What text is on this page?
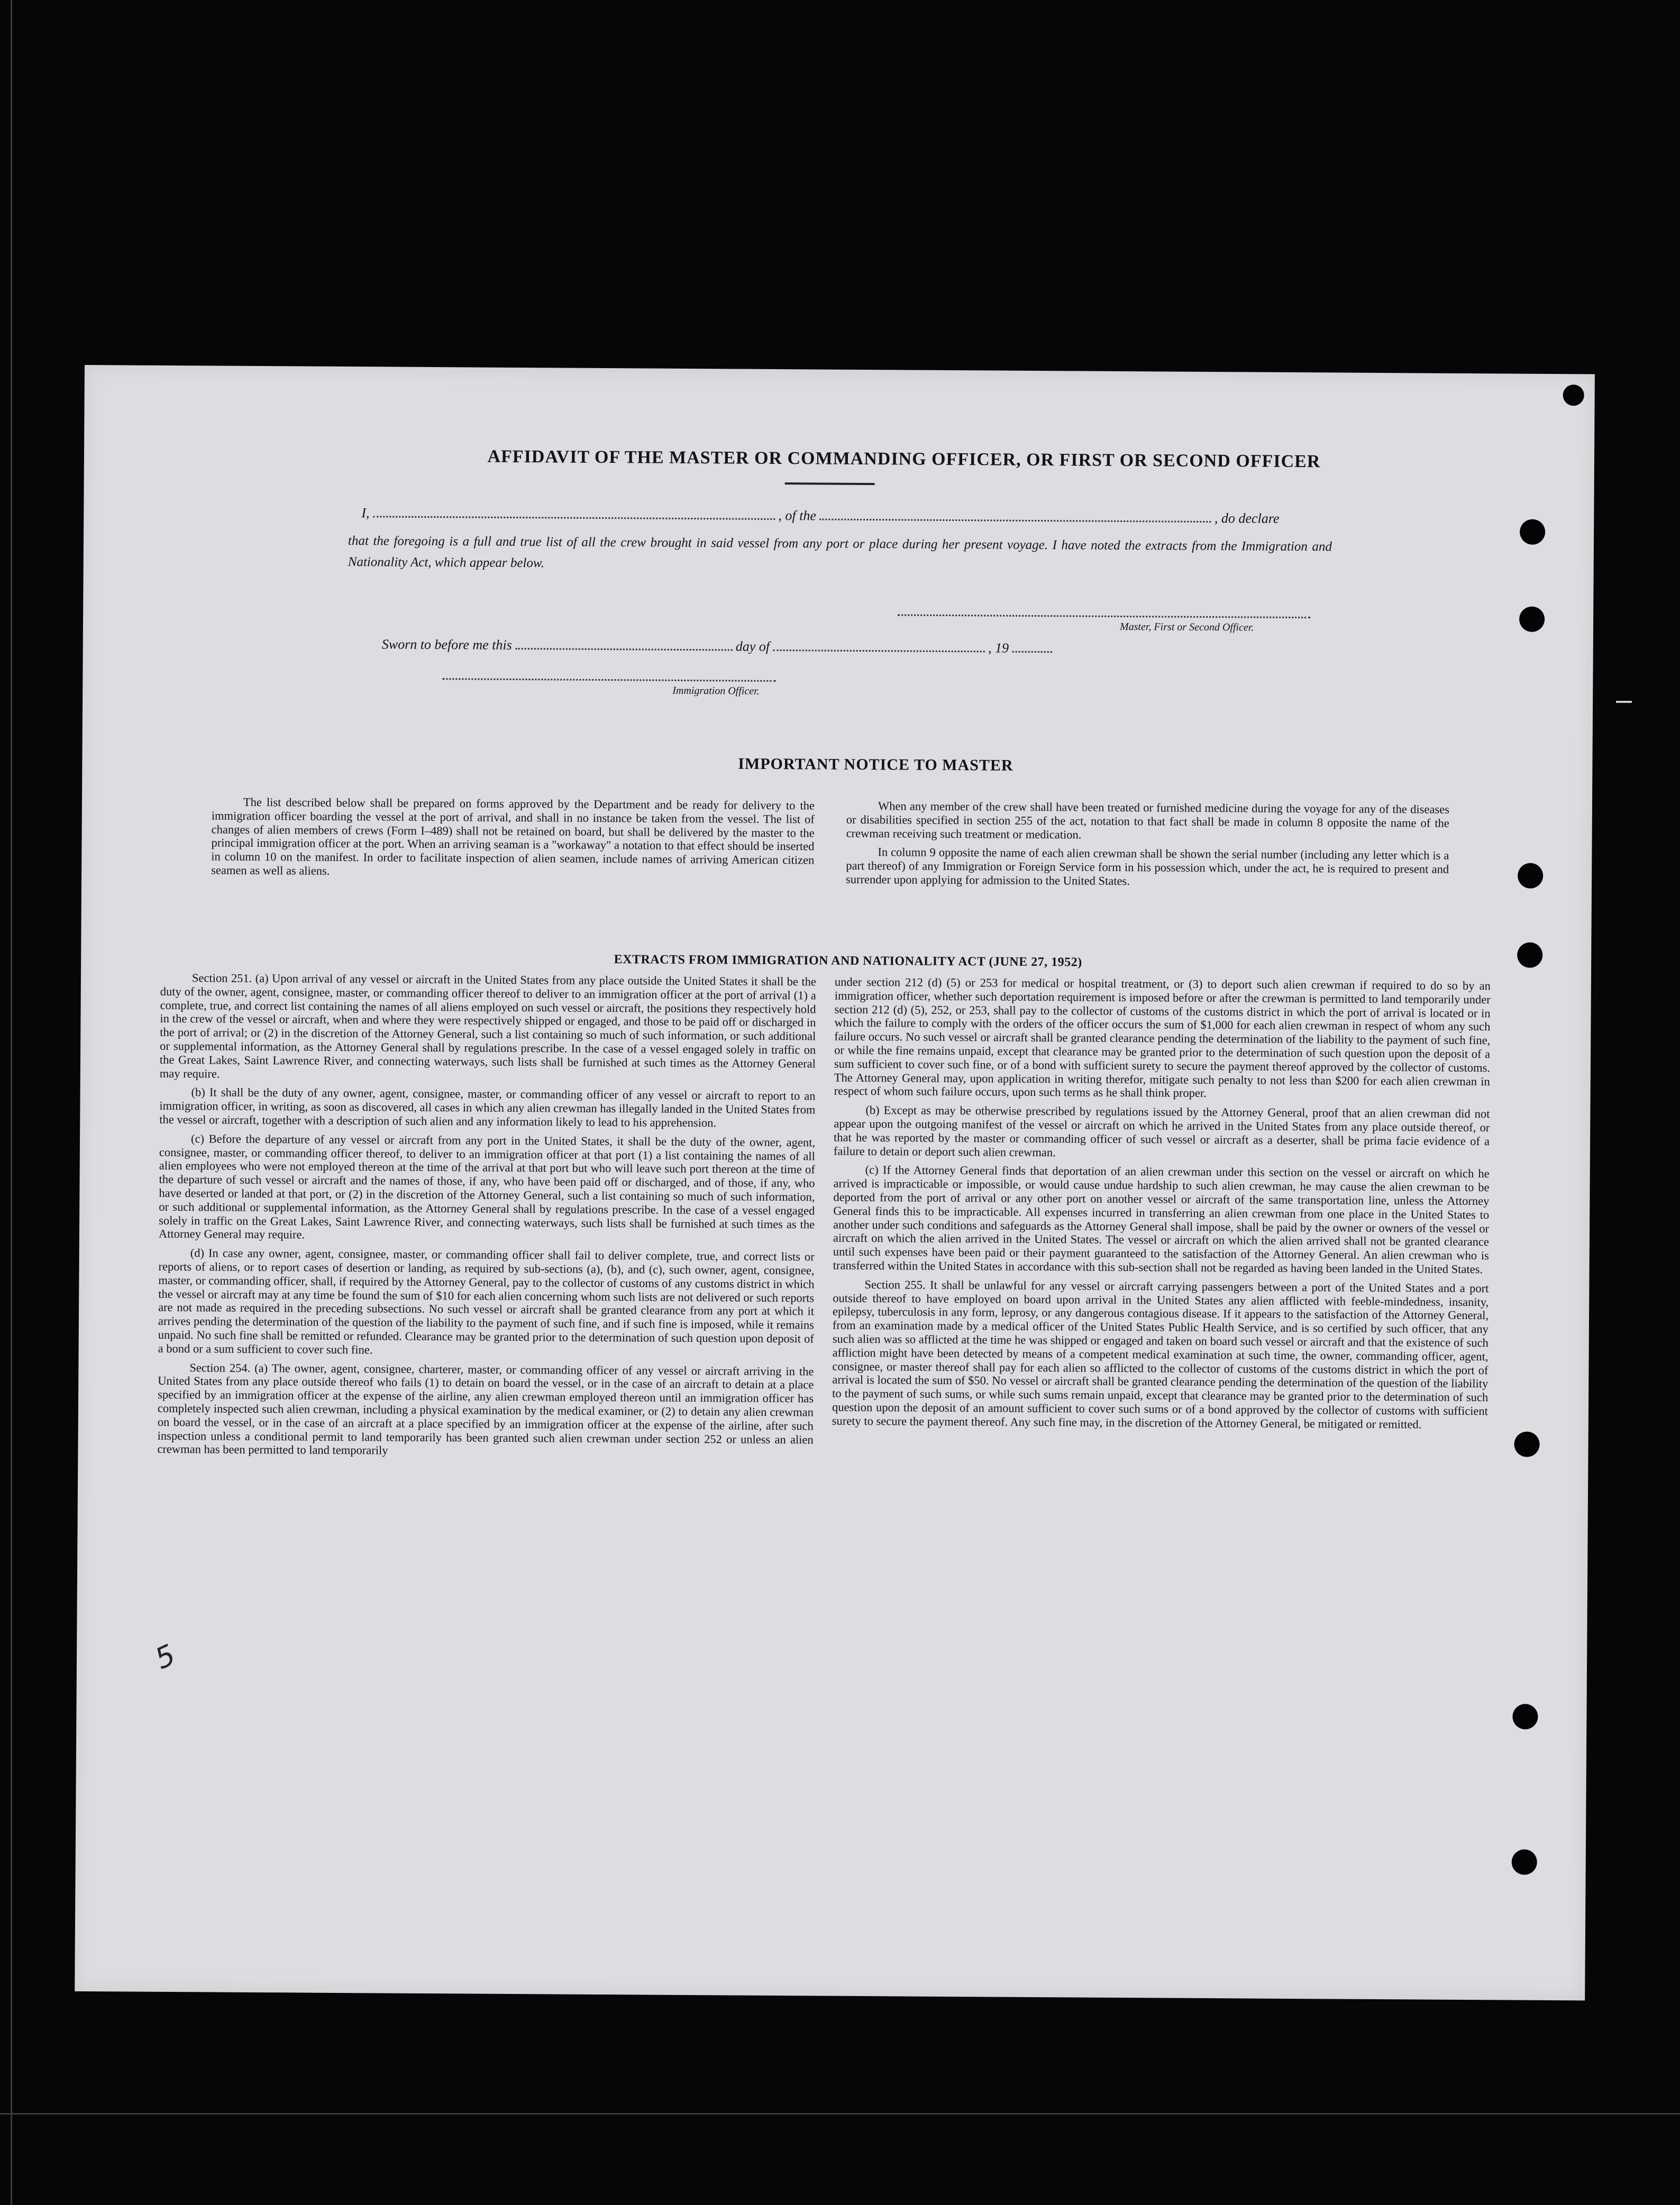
AFFIDAVIT OF THE MASTER OR COMMANDING OFFICER, OR FIRST OR SECOND OFFICER
I,	, of the	, do declare
that the foregoing is a full and true list of all the crew brought in said vessel from any port or place during her present voyage. I have noted the extracts from the Immigration and Nationality Act, which appear below.
Master, First or Second Officer.
Sworn to before me this	day of	, 19
Immigration Officer.
IMPORTANT NOTICE TO MASTER

The list described below shall be prepared on forms approved by the Department and be ready for delivery to the immigration officer boarding the vessel at the port of arrival, and shall in no instance be taken from the vessel. The list of changes of alien members of crews (Form I–489) shall not be retained on board, but shall be delivered by the master to the principal immigration officer at the port. When an arriving seaman is a "workaway" a notation to that effect should be inserted in column 10 on the manifest. In order to facilitate inspection of alien seamen, include names of arriving American citizen seamen as well as aliens.

When any member of the crew shall have been treated or furnished medicine during the voyage for any of the diseases or disabilities specified in section 255 of the act, notation to that fact shall be made in column 8 opposite the name of the crewman receiving such treatment or medication.

In column 9 opposite the name of each alien crewman shall be shown the serial number (including any letter which is a part thereof) of any Immigration or Foreign Service form in his possession which, under the act, he is required to present and surrender upon applying for admission to the United States.

EXTRACTS FROM IMMIGRATION AND NATIONALITY ACT (JUNE 27, 1952)

Section 251. (a) Upon arrival of any vessel or aircraft in the United States from any place outside the United States it shall be the duty of the owner, agent, consignee, master, or commanding officer thereof to deliver to an immigration officer at the port of arrival (1) a complete, true, and correct list containing the names of all aliens employed on such vessel or aircraft, the positions they respectively hold in the crew of the vessel or aircraft, when and where they were respectively shipped or engaged, and those to be paid off or discharged in the port of arrival; or (2) in the discretion of the Attorney General, such a list containing so much of such information, or such additional or supplemental information, as the Attorney General shall by regulations prescribe. In the case of a vessel engaged solely in traffic on the Great Lakes, Saint Lawrence River, and connecting waterways, such lists shall be furnished at such times as the Attorney General may require.

(b) It shall be the duty of any owner, agent, consignee, master, or commanding officer of any vessel or aircraft to report to an immigration officer, in writing, as soon as discovered, all cases in which any alien crewman has illegally landed in the United States from the vessel or aircraft, together with a description of such alien and any information likely to lead to his apprehension.

(c) Before the departure of any vessel or aircraft from any port in the United States, it shall be the duty of the owner, agent, consignee, master, or commanding officer thereof, to deliver to an immigration officer at that port (1) a list containing the names of all alien employees who were not employed thereon at the time of the arrival at that port but who will leave such port thereon at the time of the departure of such vessel or aircraft and the names of those, if any, who have been paid off or discharged, and of those, if any, who have deserted or landed at that port, or (2) in the discretion of the Attorney General, such a list containing so much of such information, or such additional or supplemental information, as the Attorney General shall by regulations prescribe. In the case of a vessel engaged solely in traffic on the Great Lakes, Saint Lawrence River, and connecting waterways, such lists shall be furnished at such times as the Attorney General may require.

(d) In case any owner, agent, consignee, master, or commanding officer shall fail to deliver complete, true, and correct lists or reports of aliens, or to report cases of desertion or landing, as required by sub-sections (a), (b), and (c), such owner, agent, consignee, master, or commanding officer, shall, if required by the Attorney General, pay to the collector of customs of any customs district in which the vessel or aircraft may at any time be found the sum of $10 for each alien concerning whom such lists are not delivered or such reports are not made as required in the preceding subsections. No such vessel or aircraft shall be granted clearance from any port at which it arrives pending the determination of the question of the liability to the payment of such fine, and if such fine is imposed, while it remains unpaid. No such fine shall be remitted or refunded. Clearance may be granted prior to the determination of such question upon deposit of a bond or a sum sufficient to cover such fine.

Section 254. (a) The owner, agent, consignee, charterer, master, or commanding officer of any vessel or aircraft arriving in the United States from any place outside thereof who fails (1) to detain on board the vessel, or in the case of an aircraft to detain at a place specified by an immigration officer at the expense of the airline, any alien crewman employed thereon until an immigration officer has completely inspected such alien crewman, including a physical examination by the medical examiner, or (2) to detain any alien crewman on board the vessel, or in the case of an aircraft at a place specified by an immigration officer at the expense of the airline, after such inspection unless a conditional permit to land temporarily has been granted such alien crewman under section 252 or unless an alien crewman has been permitted to land temporarily

under section 212 (d) (5) or 253 for medical or hospital treatment, or (3) to deport such alien crewman if required to do so by an immigration officer, whether such deportation requirement is imposed before or after the crewman is permitted to land temporarily under section 212 (d) (5), 252, or 253, shall pay to the collector of customs of the customs district in which the port of arrival is located or in which the failure to comply with the orders of the officer occurs the sum of $1,000 for each alien crewman in respect of whom any such failure occurs. No such vessel or aircraft shall be granted clearance pending the determination of the liability to the payment of such fine, or while the fine remains unpaid, except that clearance may be granted prior to the determination of such question upon the deposit of a sum sufficient to cover such fine, or of a bond with sufficient surety to secure the payment thereof approved by the collector of customs. The Attorney General may, upon application in writing therefor, mitigate such penalty to not less than $200 for each alien crewman in respect of whom such failure occurs, upon such terms as he shall think proper.

(b) Except as may be otherwise prescribed by regulations issued by the Attorney General, proof that an alien crewman did not appear upon the outgoing manifest of the vessel or aircraft on which he arrived in the United States from any place outside thereof, or that he was reported by the master or commanding officer of such vessel or aircraft as a deserter, shall be prima facie evidence of a failure to detain or deport such alien crewman.

(c) If the Attorney General finds that deportation of an alien crewman under this section on the vessel or aircraft on which he arrived is impracticable or impossible, or would cause undue hardship to such alien crewman, he may cause the alien crewman to be deported from the port of arrival or any other port on another vessel or aircraft of the same transportation line, unless the Attorney General finds this to be impracticable. All expenses incurred in transferring an alien crewman from one place in the United States to another under such conditions and safeguards as the Attorney General shall impose, shall be paid by the owner or owners of the vessel or aircraft on which the alien arrived in the United States. The vessel or aircraft on which the alien arrived shall not be granted clearance until such expenses have been paid or their payment guaranteed to the satisfaction of the Attorney General. An alien crewman who is transferred within the United States in accordance with this sub-section shall not be regarded as having been landed in the United States.

Section 255. It shall be unlawful for any vessel or aircraft carrying passengers between a port of the United States and a port outside thereof to have employed on board upon arrival in the United States any alien afflicted with feeble-mindedness, insanity, epilepsy, tuberculosis in any form, leprosy, or any dangerous contagious disease. If it appears to the satisfaction of the Attorney General, from an examination made by a medical officer of the United States Public Health Service, and is so certified by such officer, that any such alien was so afflicted at the time he was shipped or engaged and taken on board such vessel or aircraft and that the existence of such affliction might have been detected by means of a competent medical examination at such time, the owner, commanding officer, agent, consignee, or master thereof shall pay for each alien so afflicted to the collector of customs of the customs district in which the port of arrival is located the sum of $50. No vessel or aircraft shall be granted clearance pending the determination of the question of the liability to the payment of such sums, or while such sums remain unpaid, except that clearance may be granted prior to the determination of such question upon the deposit of an amount sufficient to cover such sums or of a bond approved by the collector of customs with sufficient surety to secure the payment thereof. Any such fine may, in the discretion of the Attorney General, be mitigated or remitted.

5
